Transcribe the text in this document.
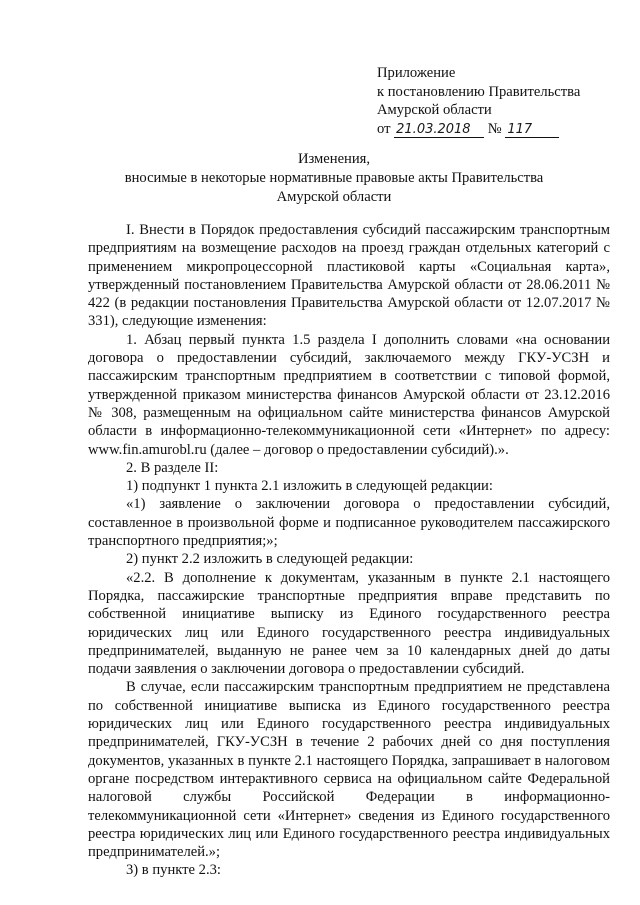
Приложение
к постановлению Правительства
Амурской области
от 21.03.2018 № 117
Изменения,
вносимые в некоторые нормативные правовые акты Правительства
Амурской области

I. Внести в Порядок предоставления субсидий пассажирским транспортным предприятиям на возмещение расходов на проезд граждан отдельных категорий с применением микропроцессорной пластиковой карты «Социальная карта», утвержденный постановлением Правительства Амурской области от 28.06.2011 № 422 (в редакции постановления Правительства Амурской области от 12.07.2017 № 331), следующие изменения:

1. Абзац первый пункта 1.5 раздела I дополнить словами «на основании договора о предоставлении субсидий, заключаемого между ГКУ-УСЗН и пассажирским транспортным предприятием в соответствии с типовой формой, утвержденной приказом министерства финансов Амурской области от 23.12.2016 № 308, размещенным на официальном сайте министерства финансов Амурской области в информационно-телекоммуникационной сети «Интернет» по адресу: www.fin.amurobl.ru (далее – договор о предоставлении субсидий).».

2. В разделе II:

1) подпункт 1 пункта 2.1 изложить в следующей редакции:

«1) заявление о заключении договора о предоставлении субсидий, составленное в произвольной форме и подписанное руководителем пассажирского транспортного предприятия;»;

2) пункт 2.2 изложить в следующей редакции:

«2.2. В дополнение к документам, указанным в пункте 2.1 настоящего Порядка, пассажирские транспортные предприятия вправе представить по собственной инициативе выписку из Единого государственного реестра юридических лиц или Единого государственного реестра индивидуальных предпринимателей, выданную не ранее чем за 10 календарных дней до даты подачи заявления о заключении договора о предоставлении субсидий.

В случае, если пассажирским транспортным предприятием не представлена по собственной инициативе выписка из Единого государственного реестра юридических лиц или Единого государственного реестра индивидуальных предпринимателей, ГКУ-УСЗН в течение 2 рабочих дней со дня поступления документов, указанных в пункте 2.1 настоящего Порядка, запрашивает в налоговом органе посредством интерактивного сервиса на официальном сайте Федеральной налоговой службы Российской Федерации в информационно-телекоммуникационной сети «Интернет» сведения из Единого государственного реестра юридических лиц или Единого государственного реестра индивидуальных предпринимателей.»;

3) в пункте 2.3:
